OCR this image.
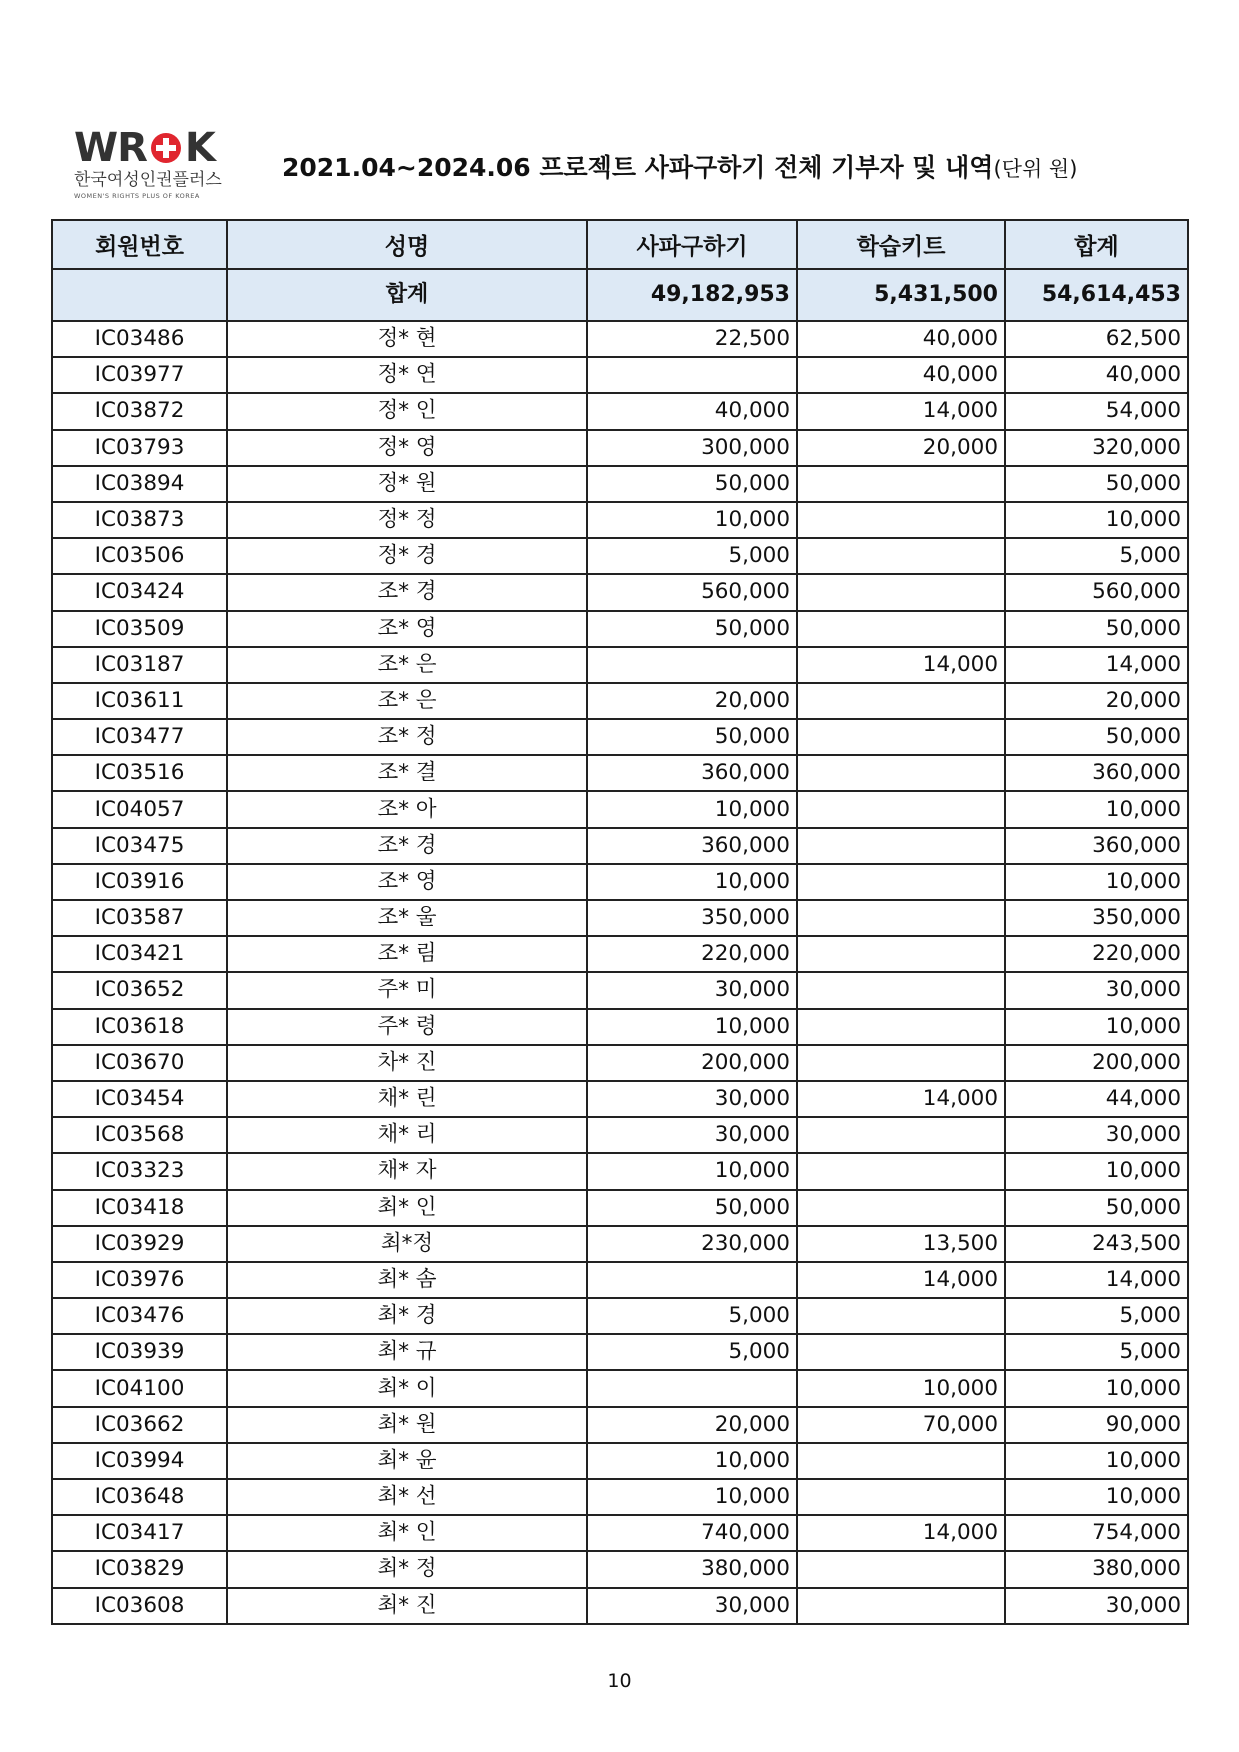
WR K
한국여성인권플러스
WOMEN'S RIGHTS PLUS OF KOREA
2021.04~2024.06 프로젝트 사파구하기 전체 기부자 및 내역(단위 원)
회원번호	성명	사파구하기	학습키트	합계
	합계	49,182,953	5,431,500	54,614,453
IC03486	정* 현	22,500	40,000	62,500
IC03977	정* 연		40,000	40,000
IC03872	정* 인	40,000	14,000	54,000
IC03793	정* 영	300,000	20,000	320,000
IC03894	정* 원	50,000		50,000
IC03873	정* 정	10,000		10,000
IC03506	정* 경	5,000		5,000
IC03424	조* 경	560,000		560,000
IC03509	조* 영	50,000		50,000
IC03187	조* 은		14,000	14,000
IC03611	조* 은	20,000		20,000
IC03477	조* 정	50,000		50,000
IC03516	조* 결	360,000		360,000
IC04057	조* 아	10,000		10,000
IC03475	조* 경	360,000		360,000
IC03916	조* 영	10,000		10,000
IC03587	조* 울	350,000		350,000
IC03421	조* 림	220,000		220,000
IC03652	주* 미	30,000		30,000
IC03618	주* 령	10,000		10,000
IC03670	차* 진	200,000		200,000
IC03454	채* 린	30,000	14,000	44,000
IC03568	채* 리	30,000		30,000
IC03323	채* 자	10,000		10,000
IC03418	최* 인	50,000		50,000
IC03929	최*정	230,000	13,500	243,500
IC03976	최* 솜		14,000	14,000
IC03476	최* 경	5,000		5,000
IC03939	최* 규	5,000		5,000
IC04100	최* 이		10,000	10,000
IC03662	최* 원	20,000	70,000	90,000
IC03994	최* 윤	10,000		10,000
IC03648	최* 선	10,000		10,000
IC03417	최* 인	740,000	14,000	754,000
IC03829	최* 정	380,000		380,000
IC03608	최* 진	30,000		30,000
10
